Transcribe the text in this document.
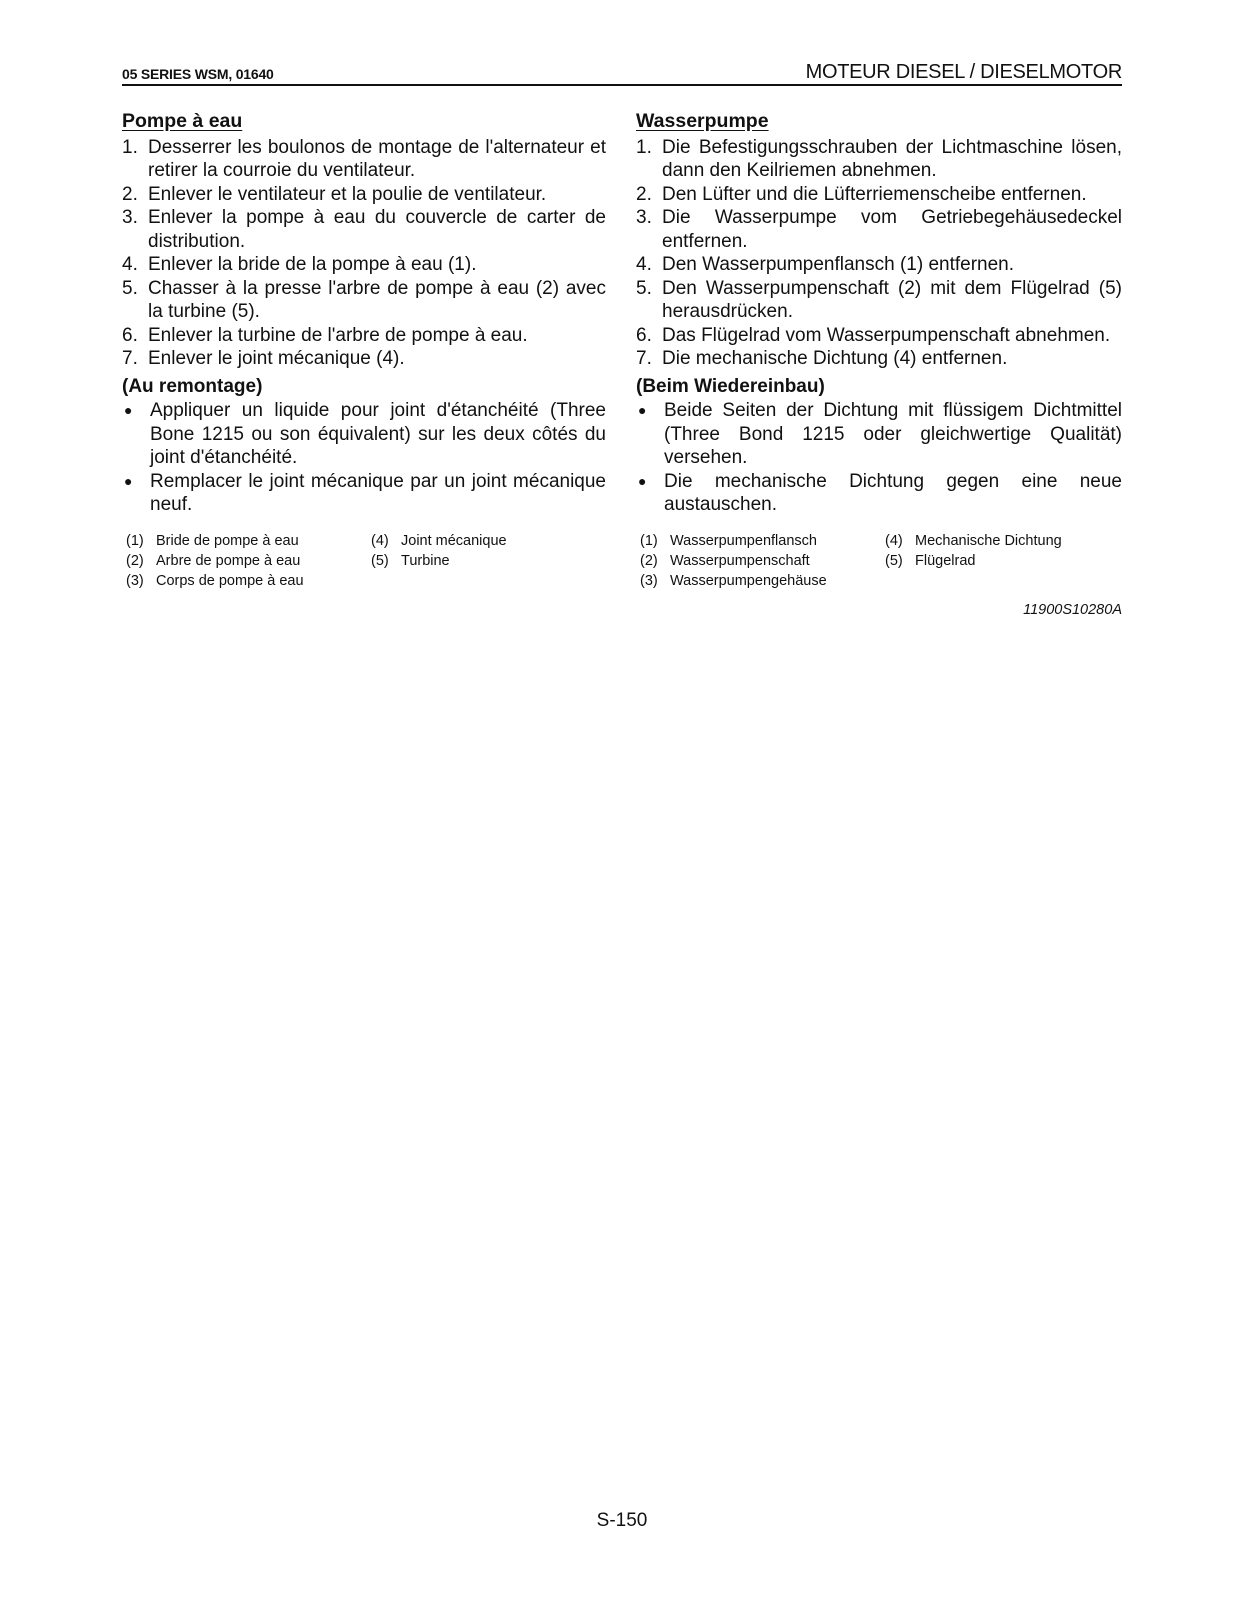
05 SERIES WSM, 01640	MOTEUR DIESEL / DIESELMOTOR
Pompe à eau
1. Desserrer les boulonos de montage de l'alternateur et retirer la courroie du ventilateur.
2. Enlever le ventilateur et la poulie de ventilateur.
3. Enlever la pompe à eau du couvercle de carter de distribution.
4. Enlever la bride de la pompe à eau (1).
5. Chasser à la presse l'arbre de pompe à eau (2) avec la turbine (5).
6. Enlever la turbine de l'arbre de pompe à eau.
7. Enlever le joint mécanique (4).
(Au remontage)
● Appliquer un liquide pour joint d'étanchéité (Three Bone 1215 ou son équivalent) sur les deux côtés du joint d'étanchéité.
● Remplacer le joint mécanique par un joint mécanique neuf.
(1) Bride de pompe à eau	(4) Joint mécanique
(2) Arbre de pompe à eau	(5) Turbine
(3) Corps de pompe à eau
Wasserpumpe
1. Die Befestigungsschrauben der Lichtmaschine lösen, dann den Keilriemen abnehmen.
2. Den Lüfter und die Lüfterriemenscheibe entfernen.
3. Die Wasserpumpe vom Getriebegehäusedeckel entfernen.
4. Den Wasserpumpenflansch (1) entfernen.
5. Den Wasserpumpenschaft (2) mit dem Flügelrad (5) herausdrücken.
6. Das Flügelrad vom Wasserpumpenschaft abnehmen.
7. Die mechanische Dichtung (4) entfernen.
(Beim Wiedereinbau)
● Beide Seiten der Dichtung mit flüssigem Dichtmittel (Three Bond 1215 oder gleichwertige Qualität) versehen.
● Die mechanische Dichtung gegen eine neue austauschen.
(1) Wasserpumpenflansch	(4) Mechanische Dichtung
(2) Wasserpumpenschaft	(5) Flügelrad
(3) Wasserpumpengehäuse
11900S10280A
S-150
